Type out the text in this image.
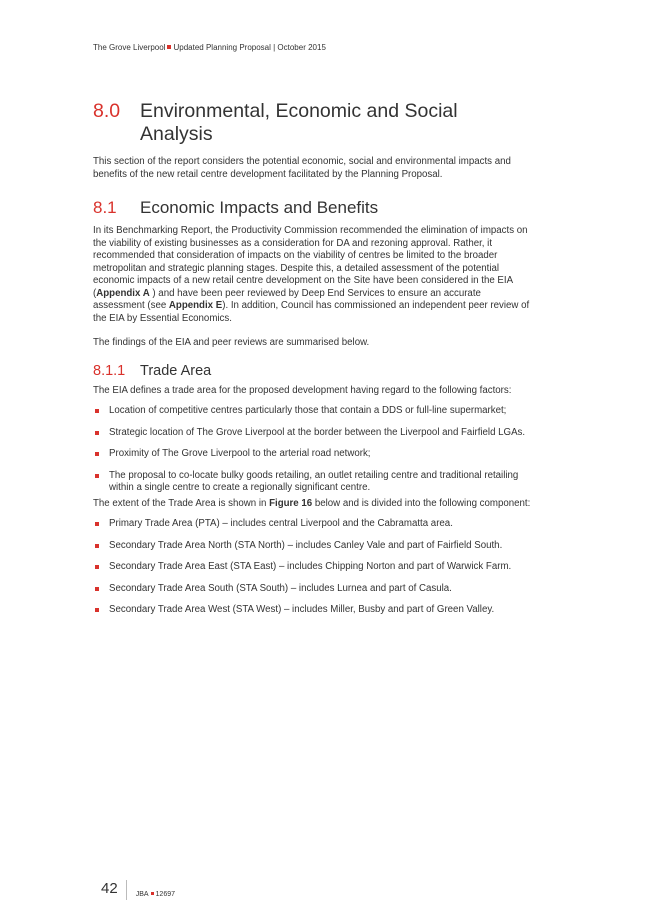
The Grove Liverpool Updated Planning Proposal | October 2015
8.0	Environmental, Economic and Social Analysis

This section of the report considers the potential economic, social and environmental impacts and benefits of the new retail centre development facilitated by the Planning Proposal.

8.1	Economic Impacts and Benefits

In its Benchmarking Report, the Productivity Commission recommended the elimination of impacts on the viability of existing businesses as a consideration for DA and rezoning approval. Rather, it recommended that consideration of impacts on the viability of centres be limited to the broader metropolitan and strategic planning stages. Despite this, a detailed assessment of the potential economic impacts of a new retail centre development on the Site have been considered in the EIA (Appendix A ) and have been peer reviewed by Deep End Services to ensure an accurate assessment (see Appendix E). In addition, Council has commissioned an independent peer review of the EIA by Essential Economics.

The findings of the EIA and peer reviews are summarised below.

8.1.1	Trade Area

The EIA defines a trade area for the proposed development having regard to the following factors:

Location of competitive centres particularly those that contain a DDS or full-line supermarket;
Strategic location of The Grove Liverpool at the border between the Liverpool and Fairfield LGAs.
Proximity of The Grove Liverpool to the arterial road network;
The proposal to co-locate bulky goods retailing, an outlet retailing centre and traditional retailing within a single centre to create a regionally significant centre.

The extent of the Trade Area is shown in Figure 16 below and is divided into the following component:

Primary Trade Area (PTA) – includes central Liverpool and the Cabramatta area.
Secondary Trade Area North (STA North) – includes Canley Vale and part of Fairfield South.
Secondary Trade Area East (STA East) – includes Chipping Norton and part of Warwick Farm.
Secondary Trade Area South (STA South) – includes Lurnea and part of Casula.
Secondary Trade Area West (STA West) – includes Miller, Busby and part of Green Valley.
42	JBA 12697
